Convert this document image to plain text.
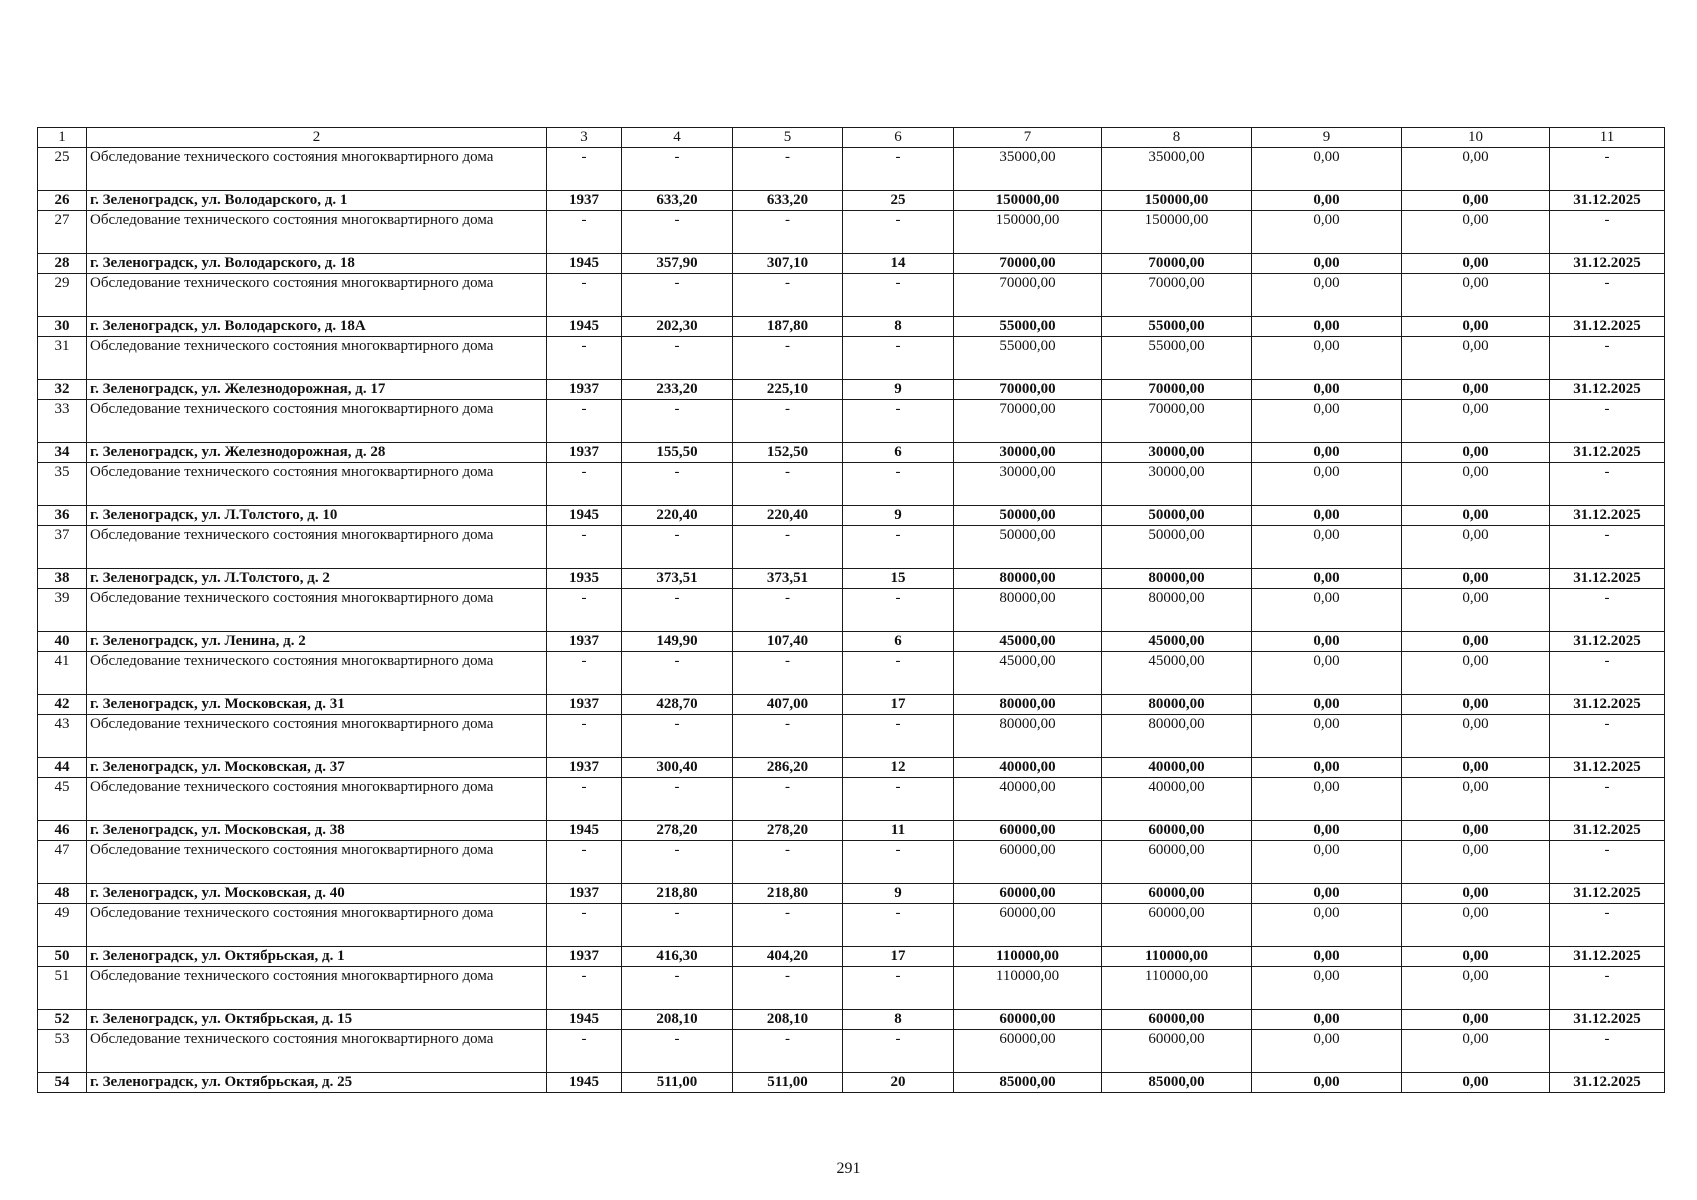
1	2	3	4	5	6	7	8	9	10	11
25	Обследование технического состояния многоквартирного дома	-	-	-	-	35000,00	35000,00	0,00	0,00	-
26	г. Зеленоградск, ул. Володарского, д. 1	1937	633,20	633,20	25	150000,00	150000,00	0,00	0,00	31.12.2025
27	Обследование технического состояния многоквартирного дома	-	-	-	-	150000,00	150000,00	0,00	0,00	-
28	г. Зеленоградск, ул. Володарского, д. 18	1945	357,90	307,10	14	70000,00	70000,00	0,00	0,00	31.12.2025
29	Обследование технического состояния многоквартирного дома	-	-	-	-	70000,00	70000,00	0,00	0,00	-
30	г. Зеленоградск, ул. Володарского, д. 18А	1945	202,30	187,80	8	55000,00	55000,00	0,00	0,00	31.12.2025
31	Обследование технического состояния многоквартирного дома	-	-	-	-	55000,00	55000,00	0,00	0,00	-
32	г. Зеленоградск, ул. Железнодорожная, д. 17	1937	233,20	225,10	9	70000,00	70000,00	0,00	0,00	31.12.2025
33	Обследование технического состояния многоквартирного дома	-	-	-	-	70000,00	70000,00	0,00	0,00	-
34	г. Зеленоградск, ул. Железнодорожная, д. 28	1937	155,50	152,50	6	30000,00	30000,00	0,00	0,00	31.12.2025
35	Обследование технического состояния многоквартирного дома	-	-	-	-	30000,00	30000,00	0,00	0,00	-
36	г. Зеленоградск, ул. Л.Толстого, д. 10	1945	220,40	220,40	9	50000,00	50000,00	0,00	0,00	31.12.2025
37	Обследование технического состояния многоквартирного дома	-	-	-	-	50000,00	50000,00	0,00	0,00	-
38	г. Зеленоградск, ул. Л.Толстого, д. 2	1935	373,51	373,51	15	80000,00	80000,00	0,00	0,00	31.12.2025
39	Обследование технического состояния многоквартирного дома	-	-	-	-	80000,00	80000,00	0,00	0,00	-
40	г. Зеленоградск, ул. Ленина, д. 2	1937	149,90	107,40	6	45000,00	45000,00	0,00	0,00	31.12.2025
41	Обследование технического состояния многоквартирного дома	-	-	-	-	45000,00	45000,00	0,00	0,00	-
42	г. Зеленоградск, ул. Московская, д. 31	1937	428,70	407,00	17	80000,00	80000,00	0,00	0,00	31.12.2025
43	Обследование технического состояния многоквартирного дома	-	-	-	-	80000,00	80000,00	0,00	0,00	-
44	г. Зеленоградск, ул. Московская, д. 37	1937	300,40	286,20	12	40000,00	40000,00	0,00	0,00	31.12.2025
45	Обследование технического состояния многоквартирного дома	-	-	-	-	40000,00	40000,00	0,00	0,00	-
46	г. Зеленоградск, ул. Московская, д. 38	1945	278,20	278,20	11	60000,00	60000,00	0,00	0,00	31.12.2025
47	Обследование технического состояния многоквартирного дома	-	-	-	-	60000,00	60000,00	0,00	0,00	-
48	г. Зеленоградск, ул. Московская, д. 40	1937	218,80	218,80	9	60000,00	60000,00	0,00	0,00	31.12.2025
49	Обследование технического состояния многоквартирного дома	-	-	-	-	60000,00	60000,00	0,00	0,00	-
50	г. Зеленоградск, ул. Октябрьская, д. 1	1937	416,30	404,20	17	110000,00	110000,00	0,00	0,00	31.12.2025
51	Обследование технического состояния многоквартирного дома	-	-	-	-	110000,00	110000,00	0,00	0,00	-
52	г. Зеленоградск, ул. Октябрьская, д. 15	1945	208,10	208,10	8	60000,00	60000,00	0,00	0,00	31.12.2025
53	Обследование технического состояния многоквартирного дома	-	-	-	-	60000,00	60000,00	0,00	0,00	-
54	г. Зеленоградск, ул. Октябрьская, д. 25	1945	511,00	511,00	20	85000,00	85000,00	0,00	0,00	31.12.2025
291
